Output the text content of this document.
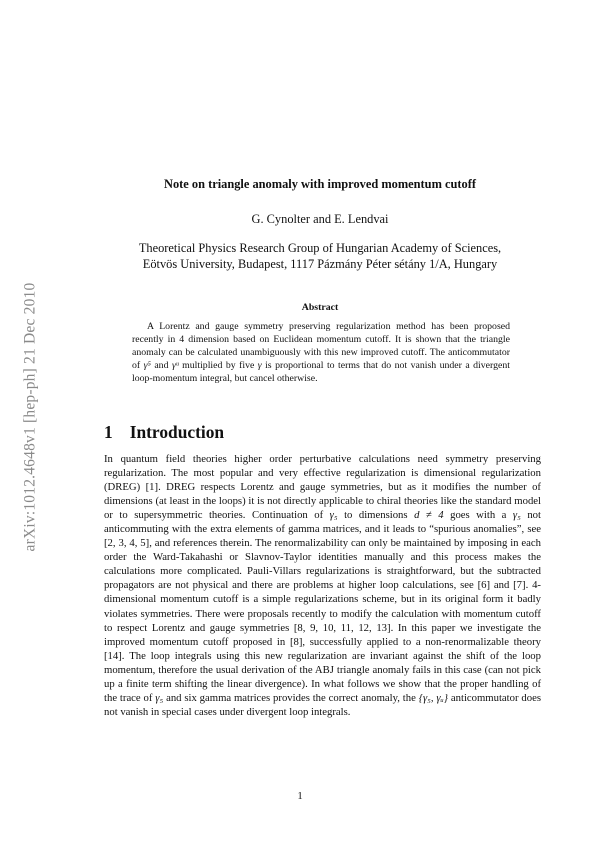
arXiv:1012.4648v1 [hep-ph] 21 Dec 2010
Note on triangle anomaly with improved momentum cutoff
G. Cynolter and E. Lendvai
Theoretical Physics Research Group of Hungarian Academy of Sciences,
Eötvös University, Budapest, 1117 Pázmány Péter sétány 1/A, Hungary
Abstract

A Lorentz and gauge symmetry preserving regularization method has been proposed recently in 4 dimension based on Euclidean momentum cutoff. It is shown that the triangle anomaly can be calculated unambiguously with this new improved cutoff. The anticommutator of γ⁵ and γᵘ multiplied by five γ is proportional to terms that do not vanish under a divergent loop-momentum integral, but cancel otherwise.

1 Introduction

In quantum field theories higher order perturbative calculations need symmetry preserving regularization. The most popular and very effective regularization is dimensional regularization (DREG) [1]. DREG respects Lorentz and gauge symmetries, but as it modifies the number of dimensions (at least in the loops) it is not directly applicable to chiral theories like the standard model or to supersymmetric theories. Continuation of γ₅ to dimensions d ≠ 4 goes with a γ₅ not anticommuting with the extra elements of gamma matrices, and it leads to “spurious anomalies”, see [2, 3, 4, 5], and references therein. The renormalizability can only be maintained by imposing in each order the Ward-Takahashi or Slavnov-Taylor identities manually and this process makes the calculations more complicated. Pauli-Villars regularizations is straightforward, but the subtracted propagators are not physical and there are problems at higher loop calculations, see [6] and [7]. 4-dimensional momentum cutoff is a simple regularizations scheme, but in its original form it badly violates symmetries. There were proposals recently to modify the calculation with momentum cutoff to respect Lorentz and gauge symmetries [8, 9, 10, 11, 12, 13]. In this paper we investigate the improved momentum cutoff proposed in [8], successfully applied to a non-renormalizable theory [14]. The loop integrals using this new regularization are invariant against the shift of the loop momentum, therefore the usual derivation of the ABJ triangle anomaly fails in this case (can not pick up a finite term shifting the linear divergence). In what follows we show that the proper handling of the trace of γ₅ and six gamma matrices provides the correct anomaly, the {γ₅, γᵤ} anticommutator does not vanish in special cases under divergent loop integrals.

1
